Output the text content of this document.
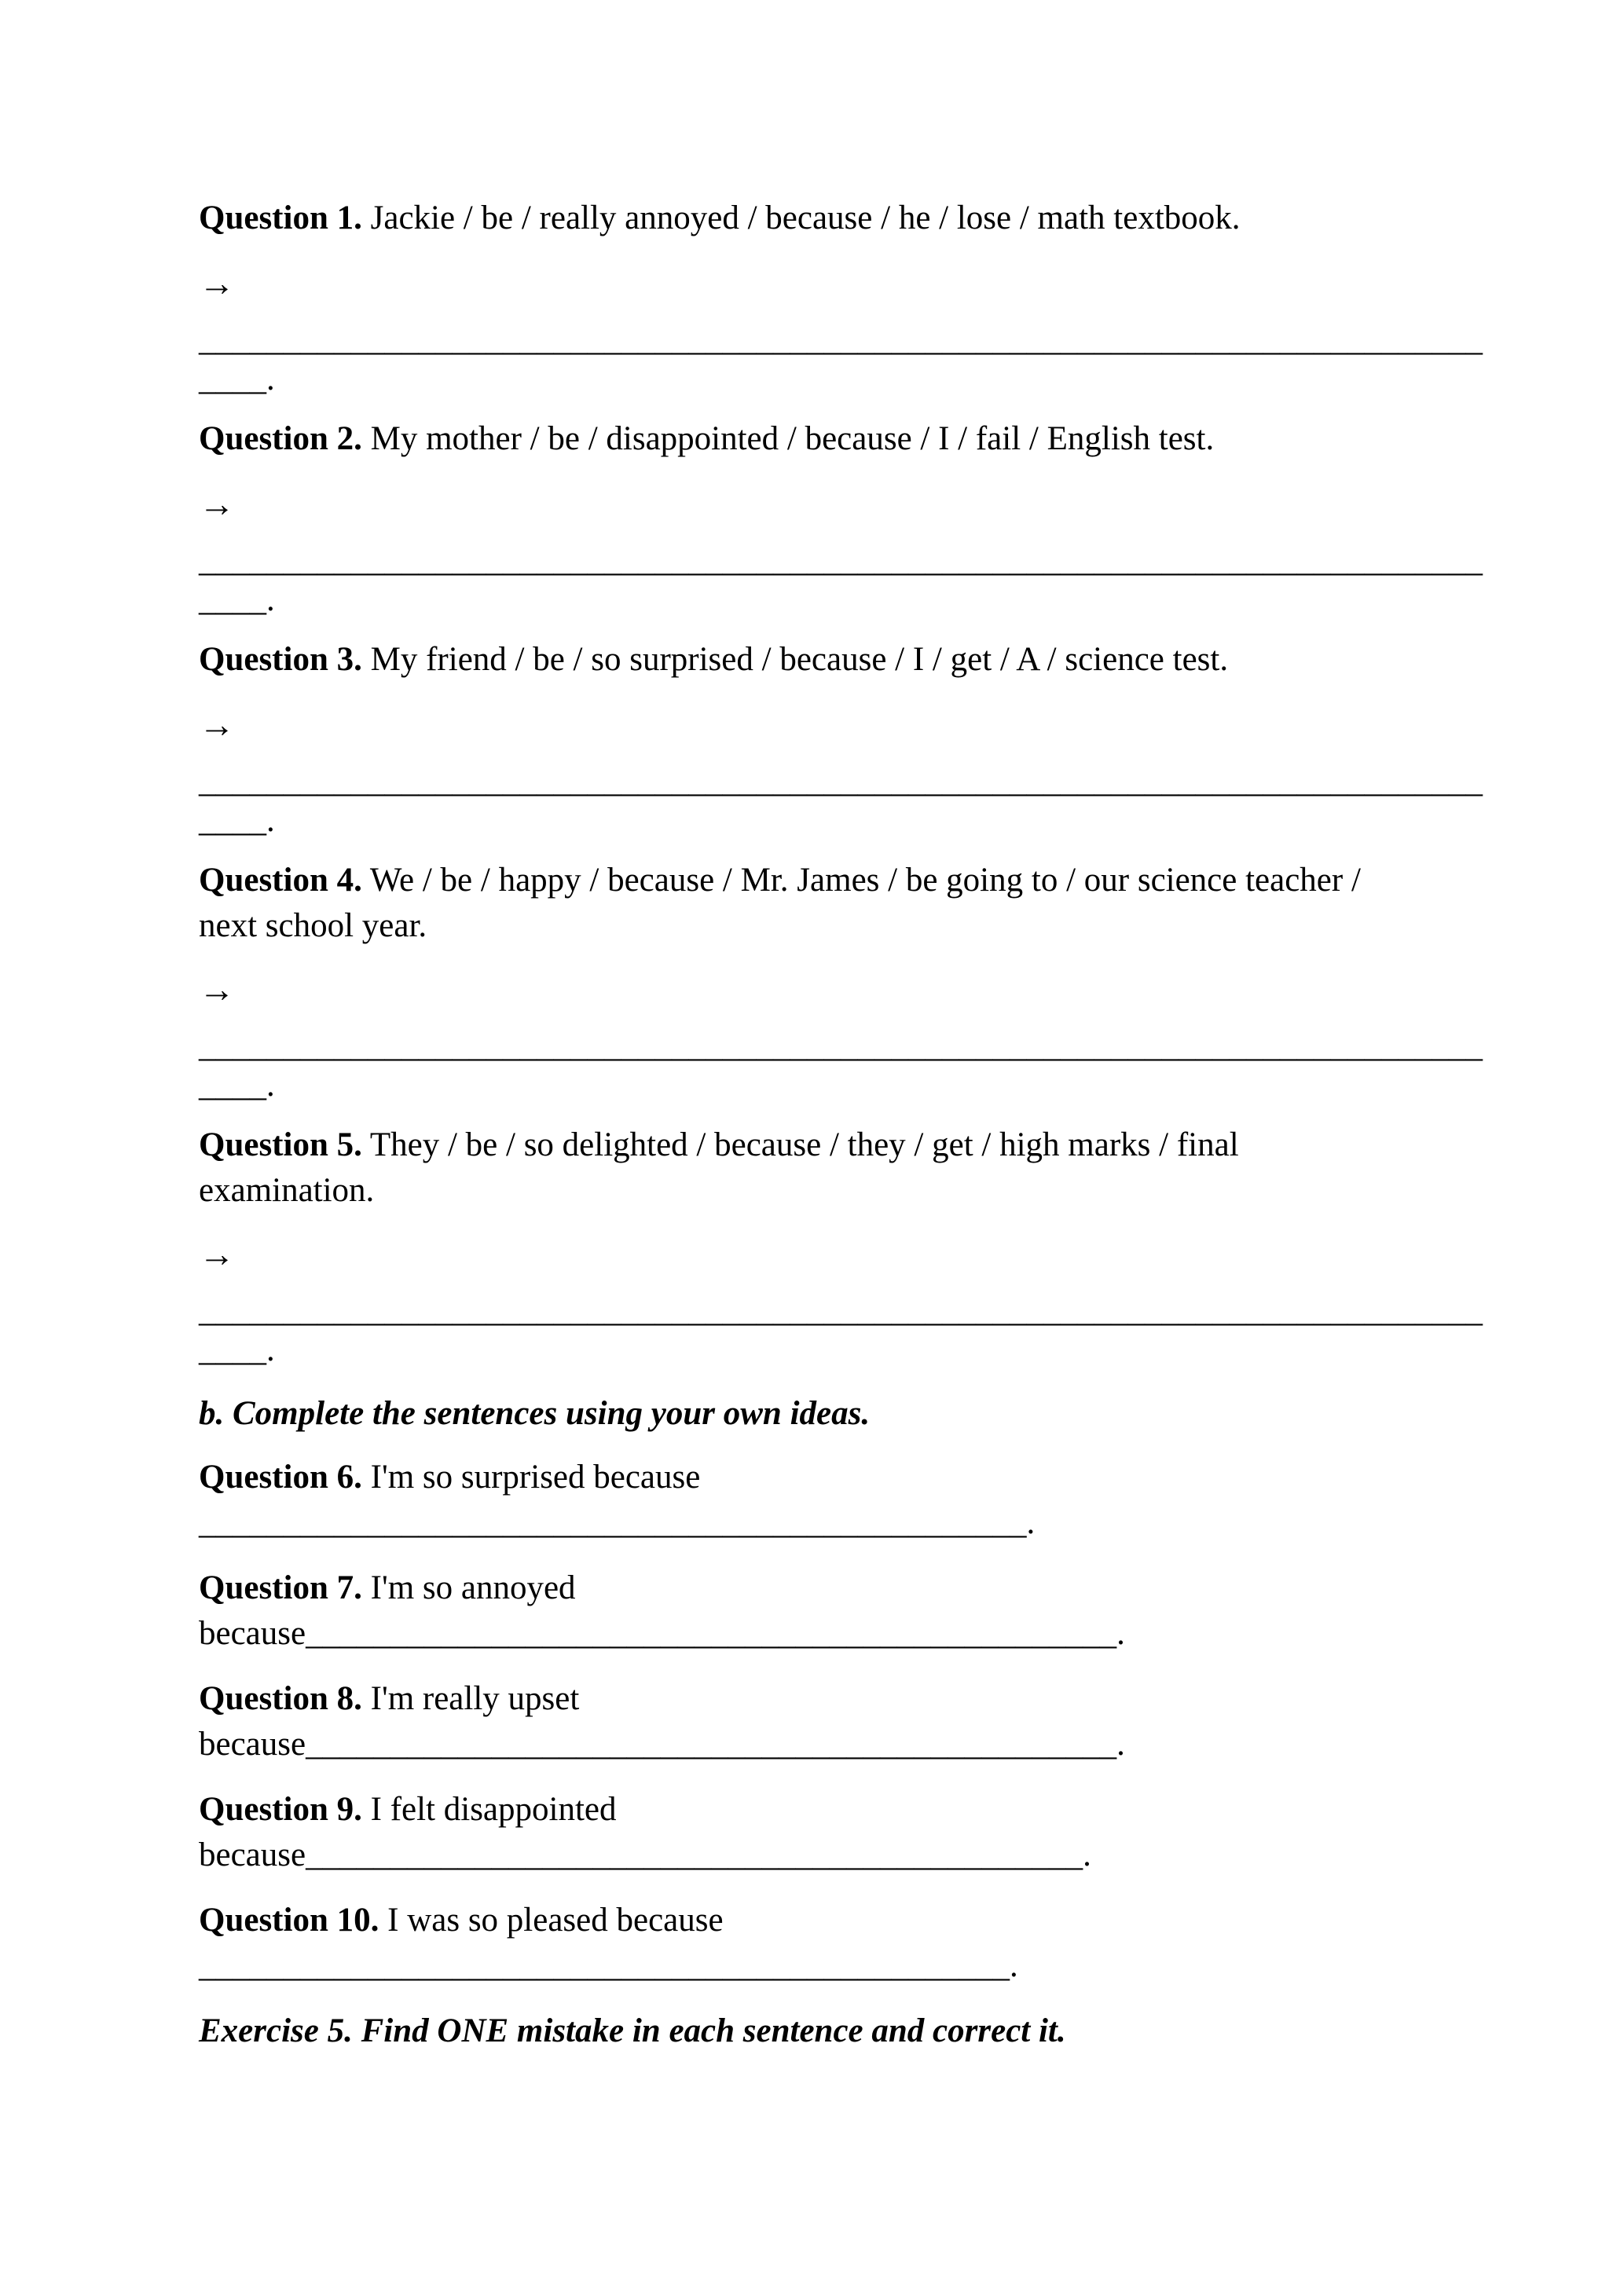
Question 1. Jackie / be / really annoyed / because / he / lose / math textbook.
→
____________________________________________________________________________
____.
Question 2. My mother / be / disappointed / because / I / fail / English test.
→
____________________________________________________________________________
____.
Question 3. My friend / be / so surprised / because / I / get / A / science test.
→
____________________________________________________________________________
____.
Question 4. We / be / happy / because / Mr. James / be going to / our science teacher /
next school year.
→
____________________________________________________________________________
____.
Question 5. They / be / so delighted / because / they / get / high marks / final
examination.
→
____________________________________________________________________________
____.
b. Complete the sentences using your own ideas.
Question 6. I'm so surprised because
_________________________________________________.
Question 7. I'm so annoyed
because________________________________________________.
Question 8. I'm really upset
because________________________________________________.
Question 9. I felt disappointed
because______________________________________________.
Question 10. I was so pleased because
________________________________________________.
Exercise 5. Find ONE mistake in each sentence and correct it.
